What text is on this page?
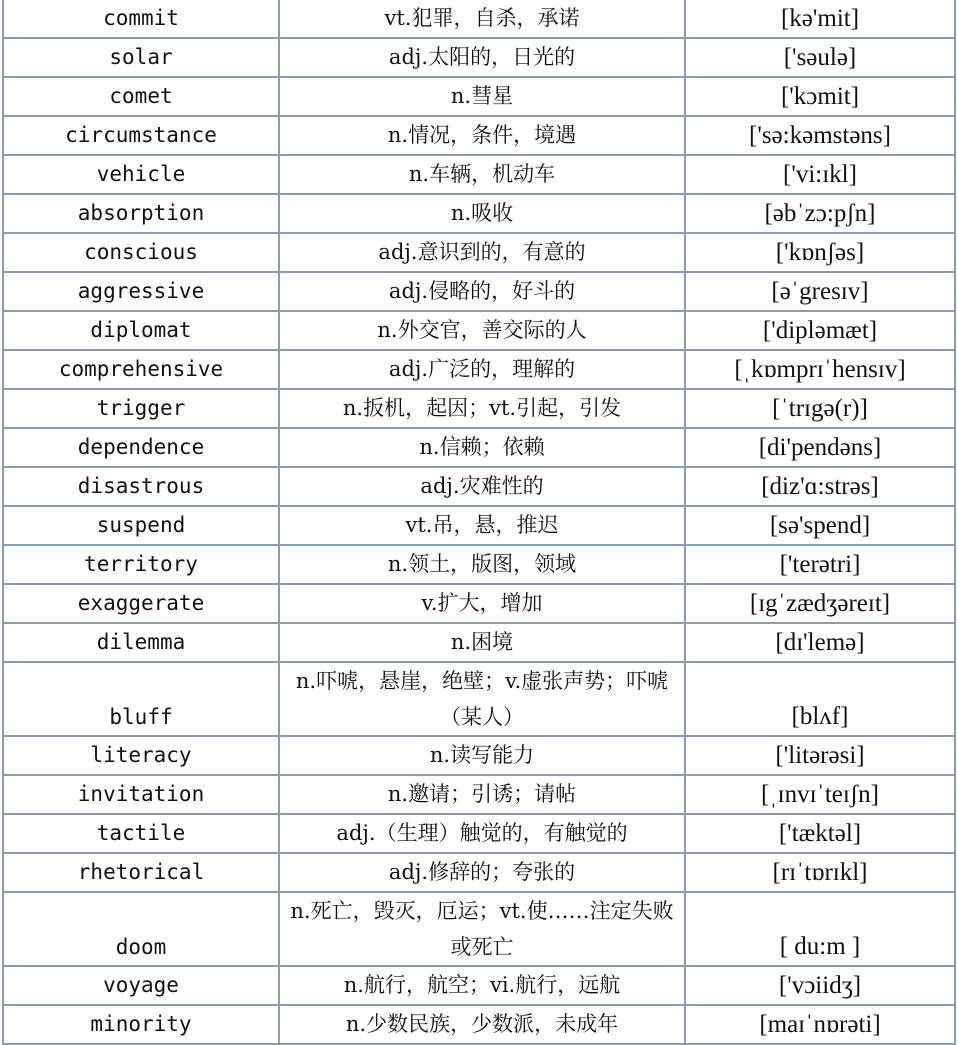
commit	vt.犯罪，自杀，承诺	[kə'mit]
solar	adj.太阳的，日光的	['səulə]
comet	n.彗星	['kɔmit]
circumstance	n.情况，条件，境遇	['sə:kəmstəns]
vehicle	n.车辆，机动车	['vi:ɪkl]
absorption	n.吸收	[əbˈzɔ:pʃn]
conscious	adj.意识到的，有意的	['kɒnʃəs]
aggressive	adj.侵略的，好斗的	[əˈgresɪv]
diplomat	n.外交官，善交际的人	['dipləmæt]
comprehensive	adj.广泛的，理解的	[ˌkɒmprɪˈhensɪv]
trigger	n.扳机，起因；vt.引起，引发	[ˈtrɪgə(r)]
dependence	n.信赖；依赖	[di'pendəns]
disastrous	adj.灾难性的	[diz'ɑ:strəs]
suspend	vt.吊，悬，推迟	[sə'spend]
territory	n.领土，版图，领域	['terətri]
exaggerate	v.扩大，增加	[ɪgˈzædʒəreɪt]
dilemma	n.困境	[dɪ'lemə]
bluff	n.吓唬，悬崖，绝壁；v.虚张声势；吓唬（某人）	[blʌf]
literacy	n.读写能力	['litərəsi]
invitation	n.邀请；引诱；请帖	[ˌɪnvɪˈteɪʃn]
tactile	adj.（生理）触觉的，有触觉的	['tæktəl]
rhetorical	adj.修辞的；夸张的	[rɪˈtɒrɪkl]
doom	n.死亡，毁灭，厄运；vt.使……注定失败或死亡	[ du:m ]
voyage	n.航行，航空；vi.航行，远航	['vɔiidʒ]
minority	n.少数民族，少数派，未成年	[maɪˈnɒrəti]
